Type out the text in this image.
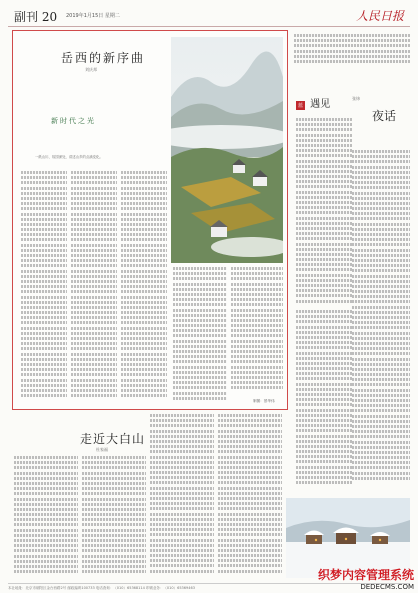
副刊 20 2019年1月15日 星期二	人民日报
岳西的新序曲
刘庆邦
新时代之光
一纸山川、故园深处，讲述山乡的点滴变化。
制图：蔡华伟
蓝 遇见
张炜
夜话
走近大白山
杜家福
本社地址：北京市朝阳区金台西路2号 邮政编码100733 电话查询：（010）65368114 印刷业务：（010）65369463
织梦内容管理系统
DEDECMS.COM
